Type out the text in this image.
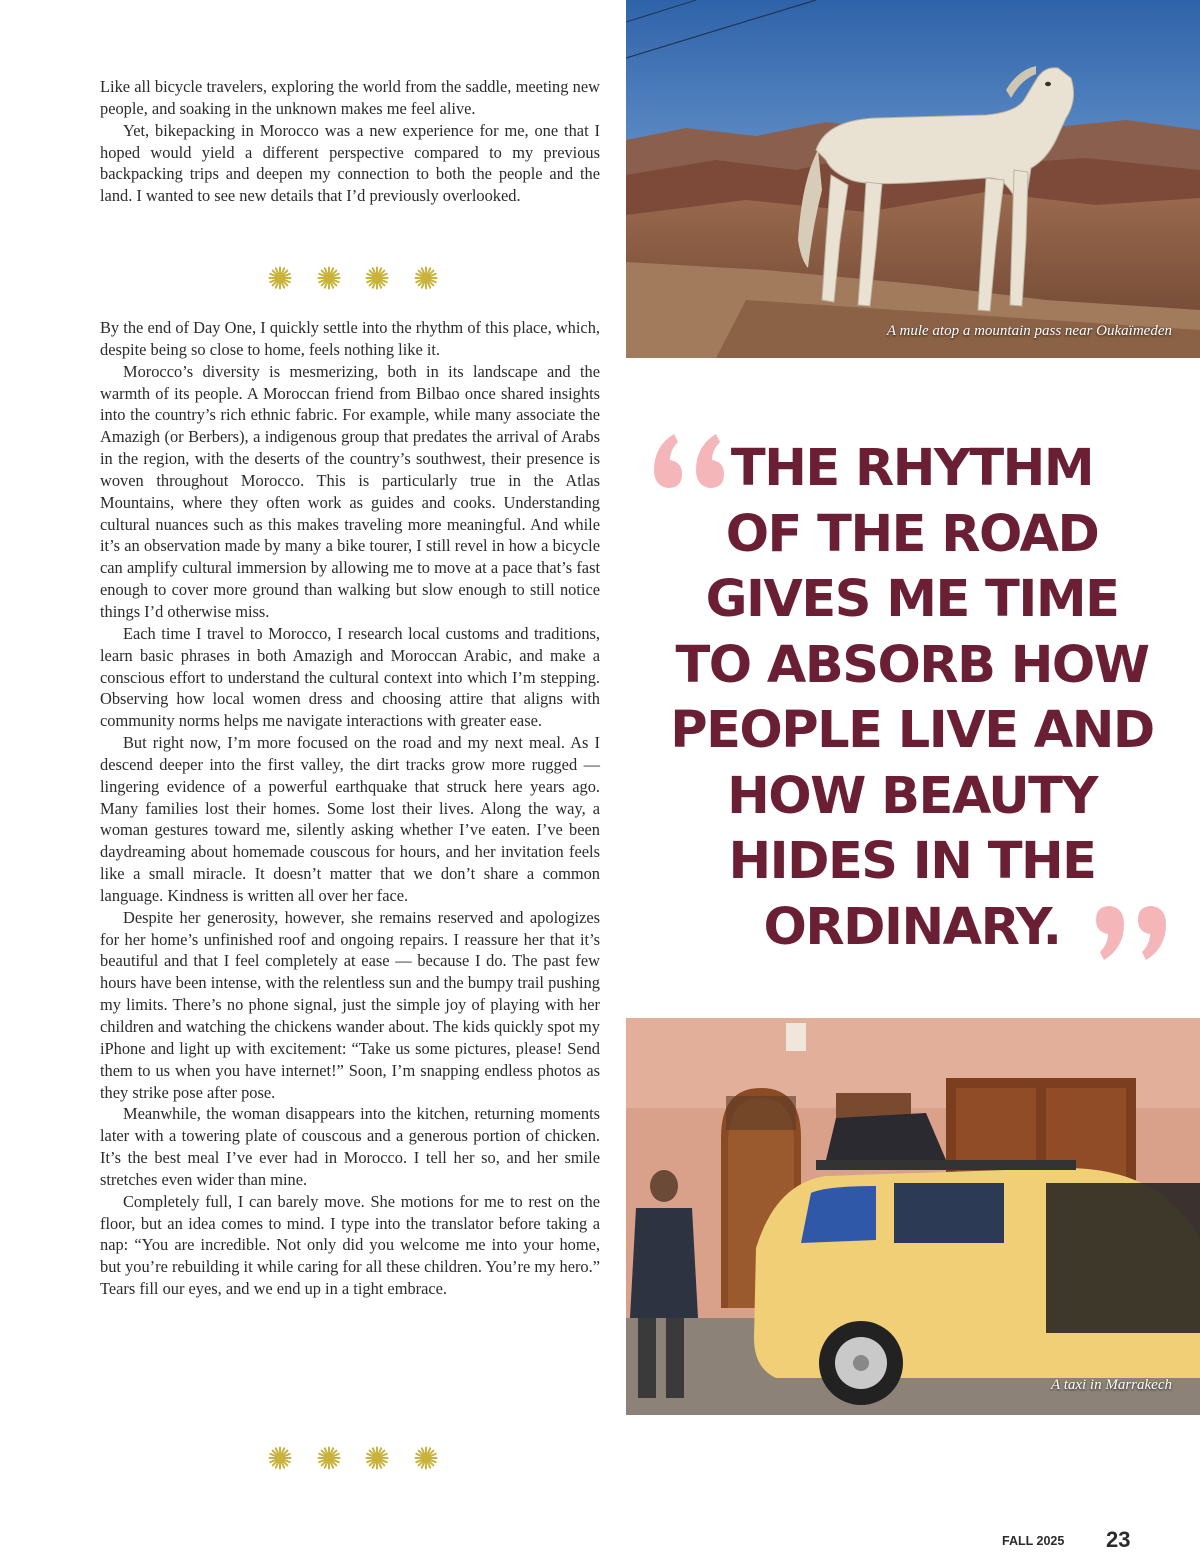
Like all bicycle travelers, exploring the world from the saddle, meeting new people, and soaking in the unknown makes me feel alive.

Yet, bikepacking in Morocco was a new experience for me, one that I hoped would yield a different perspective compared to my previous backpacking trips and deepen my connection to both the people and the land. I wanted to see new details that I’d previously overlooked.

By the end of Day One, I quickly settle into the rhythm of this place, which, despite being so close to home, feels nothing like it.

Morocco’s diversity is mesmerizing, both in its landscape and the warmth of its people. A Moroccan friend from Bilbao once shared insights into the country’s rich ethnic fabric. For example, while many associate the Amazigh (or Berbers), a indigenous group that predates the arrival of Arabs in the region, with the deserts of the country’s southwest, their presence is woven throughout Morocco. This is particularly true in the Atlas Mountains, where they often work as guides and cooks. Understanding cultural nuances such as this makes traveling more meaningful. And while it’s an observation made by many a bike tourer, I still revel in how a bicycle can amplify cultural immersion by allowing me to move at a pace that’s fast enough to cover more ground than walking but slow enough to still notice things I’d otherwise miss.

Each time I travel to Morocco, I research local customs and traditions, learn basic phrases in both Amazigh and Moroccan Arabic, and make a conscious effort to understand the cultural context into which I’m stepping. Observing how local women dress and choosing attire that aligns with community norms helps me navigate interactions with greater ease.

But right now, I’m more focused on the road and my next meal. As I descend deeper into the first valley, the dirt tracks grow more rugged — lingering evidence of a powerful earthquake that struck here years ago. Many families lost their homes. Some lost their lives. Along the way, a woman gestures toward me, silently asking whether I’ve eaten. I’ve been daydreaming about homemade couscous for hours, and her invitation feels like a small miracle. It doesn’t matter that we don’t share a common language. Kindness is written all over her face.

Despite her generosity, however, she remains reserved and apologizes for her home’s unfinished roof and ongoing repairs. I reassure her that it’s beautiful and that I feel completely at ease — because I do. The past few hours have been intense, with the relentless sun and the bumpy trail pushing my limits. There’s no phone signal, just the simple joy of playing with her children and watching the chickens wander about. The kids quickly spot my iPhone and light up with excitement: “Take us some pictures, please! Send them to us when you have internet!” Soon, I’m snapping endless photos as they strike pose after pose.

Meanwhile, the woman disappears into the kitchen, returning moments later with a towering plate of couscous and a generous portion of chicken. It’s the best meal I’ve ever had in Morocco. I tell her so, and her smile stretches even wider than mine.

Completely full, I can barely move. She motions for me to rest on the floor, but an idea comes to mind. I type into the translator before taking a nap: “You are incredible. Not only did you welcome me into your home, but you’re rebuilding it while caring for all these children. You’re my hero.” Tears fill our eyes, and we end up in a tight embrace.

A mule atop a mountain pass near Oukaïmeden
THE RHYTHM
OF THE ROAD
GIVES ME TIME
TO ABSORB HOW
PEOPLE LIVE AND
HOW BEAUTY
HIDES IN THE
ORDINARY.
A taxi in Marrakech
FALL 2025 23
